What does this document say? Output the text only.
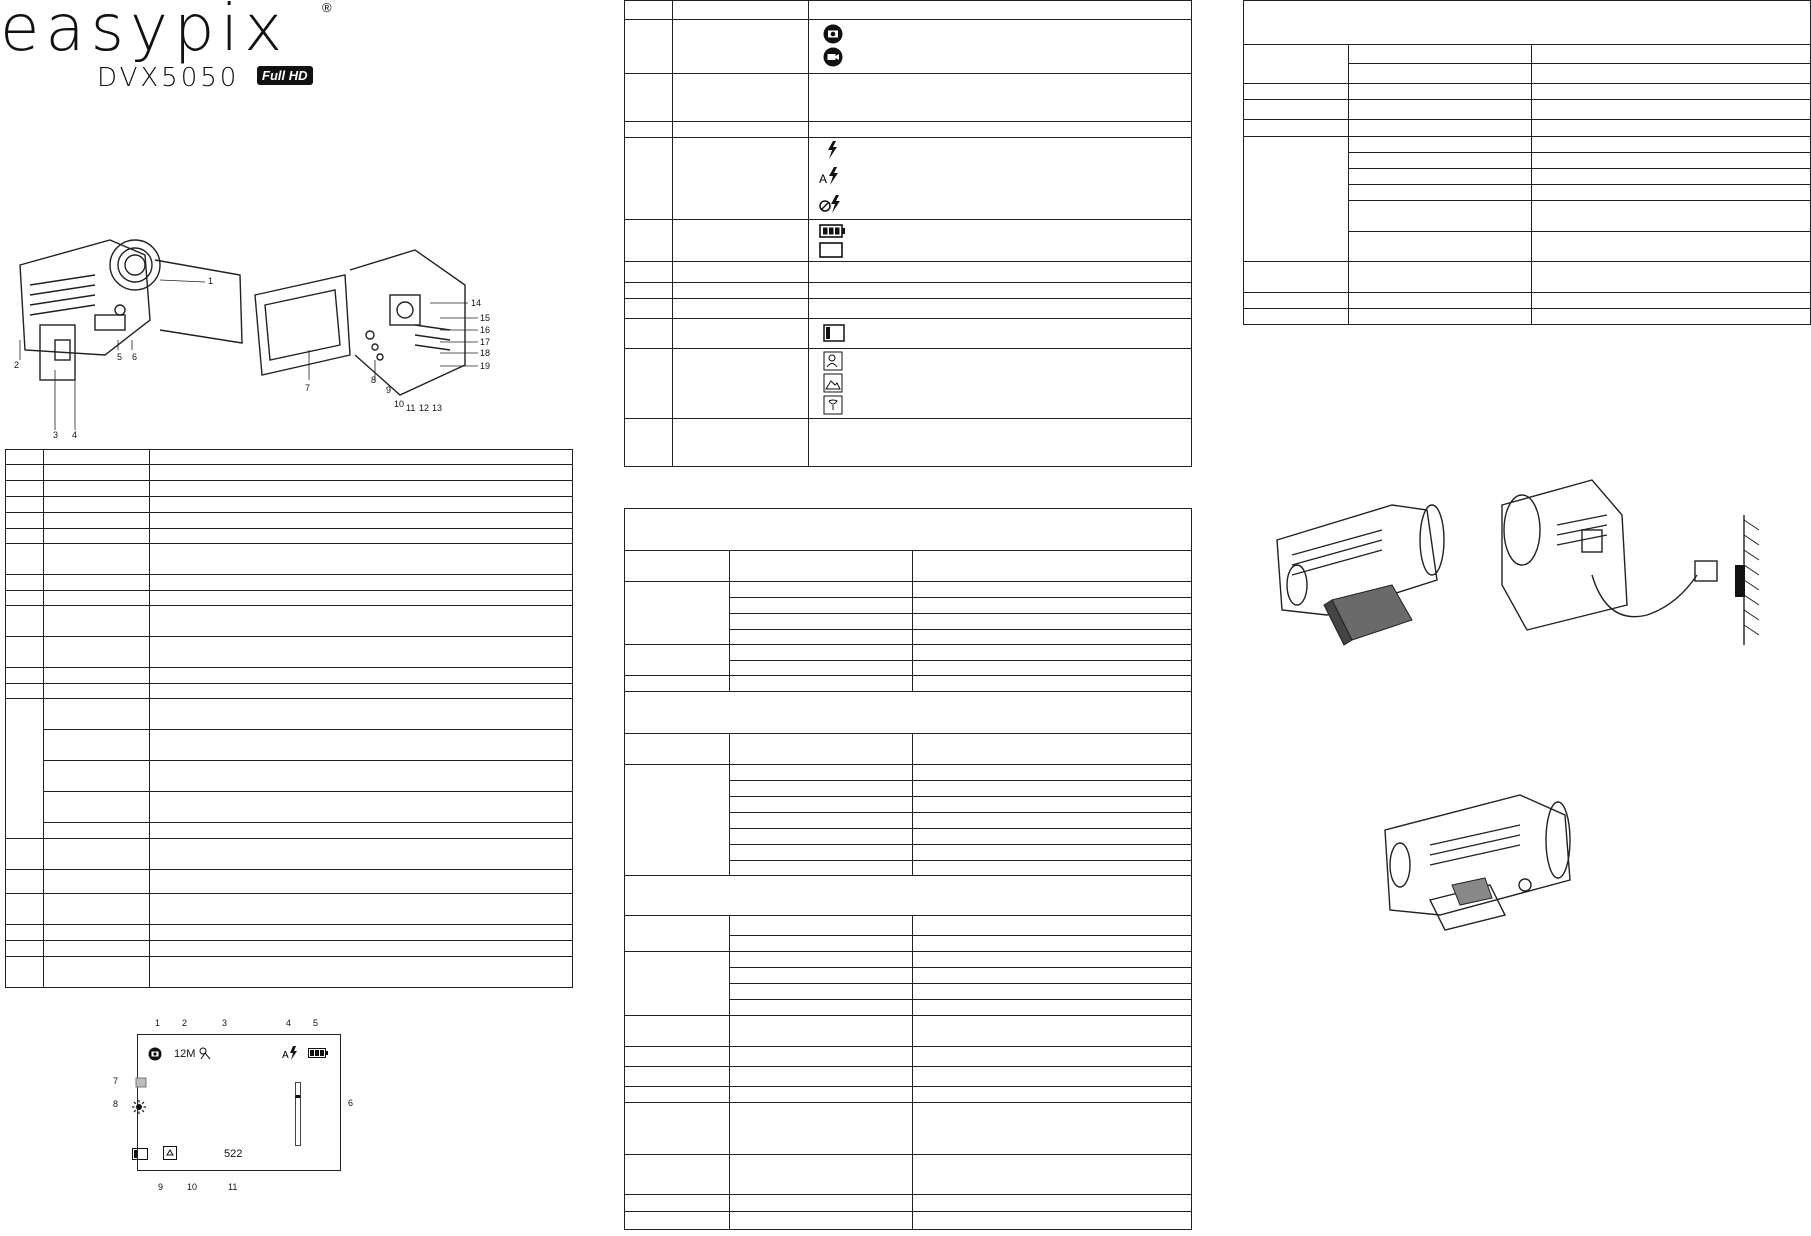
easypix	®
DVX5050	Full HD
1
2
3 4
5 6
7
8
9
10 11 12 13
14
15
16
17
18
19

12M	A
522
1 2	3	4 5
6
7
8
9	10	11

A
